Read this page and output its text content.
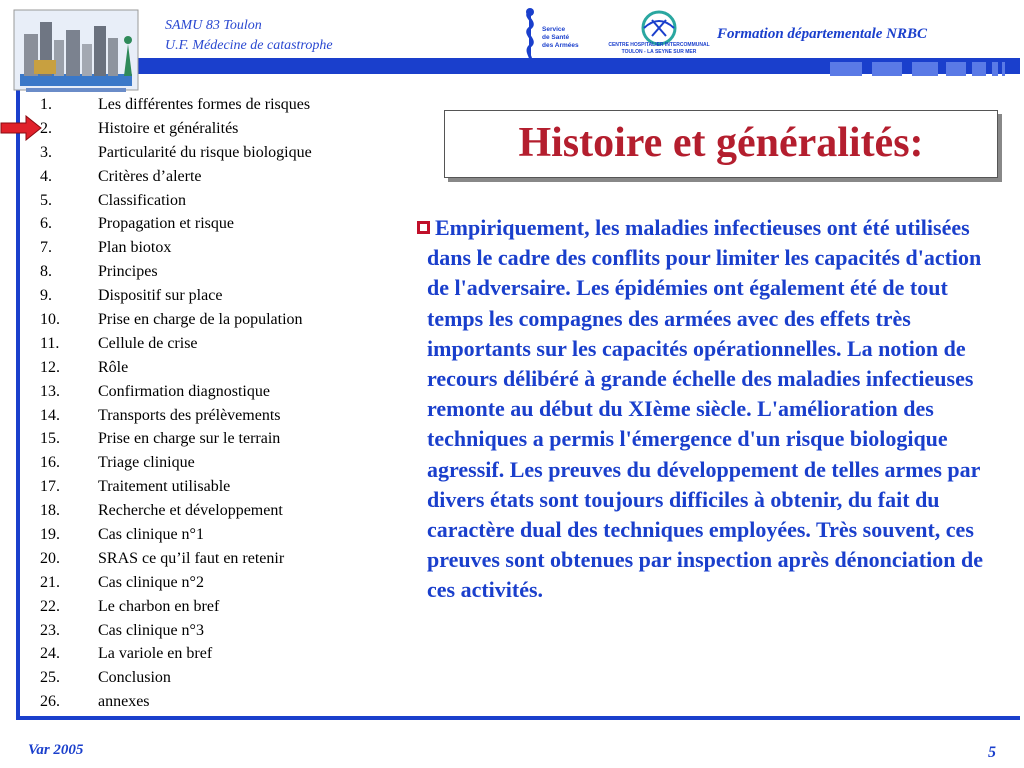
SAMU 83 Toulon
U.F. Médecine de catastrophe
Service
de Santé
des Armées	CENTRE HOSPITALIER INTERCOMMUNAL
TOULON - LA SEYNE SUR MER
Formation départementale NRBC
1.	Les différentes formes de risques
2.	Histoire et généralités
3.	Particularité du risque biologique
4.	Critères d’alerte
5.	Classification
6.	Propagation et risque
7.	Plan biotox
8.	Principes
9.	Dispositif sur place
10. Prise en charge de la population
11. Cellule de crise
12. Rôle
13. Confirmation diagnostique
14. Transports des prélèvements
15. Prise en charge sur le terrain
16. Triage clinique
17. Traitement utilisable
18. Recherche et développement
19. Cas clinique n°1
20. SRAS ce qu’il faut en retenir
21. Cas clinique n°2
22. Le charbon en bref
23. Cas clinique n°3
24. La variole en bref
25. Conclusion
26. annexes
Histoire et généralités:
Empiriquement, les maladies infectieuses ont été utilisées dans le cadre des conflits pour limiter les capacités d'action de l'adversaire. Les épidémies ont également été de tout temps les compagnes des armées avec des effets très importants sur les capacités opérationnelles. La notion de recours délibéré à grande échelle des maladies infectieuses remonte au début du XIème siècle. L'amélioration des techniques a permis l'émergence d'un risque biologique agressif. Les preuves du développement de telles armes par divers états sont toujours difficiles à obtenir, du fait du caractère dual des techniques employées. Très souvent, ces preuves sont obtenues par inspection après dénonciation de ces activités.
Var 2005	5
